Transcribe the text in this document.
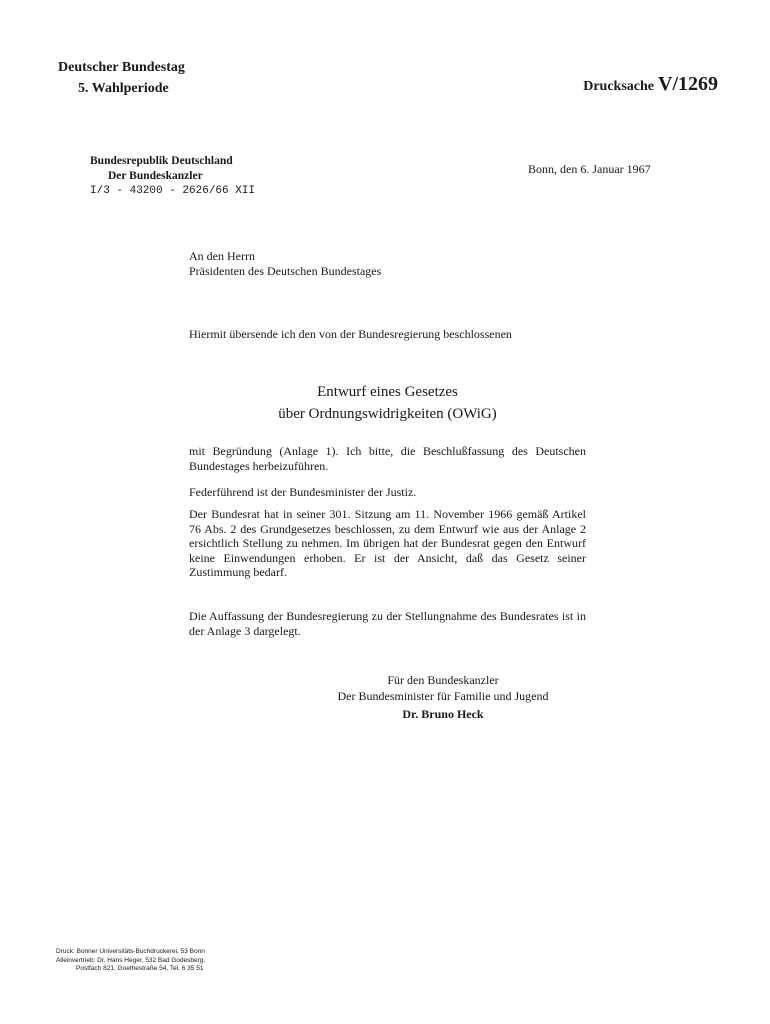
Deutscher Bundestag
5. Wahlperiode	Drucksache V/1269
Bundesrepublik Deutschland
Der Bundeskanzler
I/3 - 43200 - 2626/66 XII
Bonn, den 6. Januar 1967
An den Herrn
Präsidenten des Deutschen Bundestages
Hiermit übersende ich den von der Bundesregierung beschlossenen
Entwurf eines Gesetzes
über Ordnungswidrigkeiten (OWiG)
mit Begründung (Anlage 1). Ich bitte, die Beschlußfassung des Deutschen Bundestages herbeizuführen.
Federführend ist der Bundesminister der Justiz.
Der Bundesrat hat in seiner 301. Sitzung am 11. November 1966 gemäß Artikel 76 Abs. 2 des Grundgesetzes beschlossen, zu dem Entwurf wie aus der Anlage 2 ersichtlich Stellung zu nehmen. Im übrigen hat der Bundesrat gegen den Entwurf keine Einwendungen erhoben. Er ist der Ansicht, daß das Gesetz seiner Zustimmung bedarf.
Die Auffassung der Bundesregierung zu der Stellungnahme des Bundesrates ist in der Anlage 3 dargelegt.
Für den Bundeskanzler
Der Bundesminister für Familie und Jugend
Dr. Bruno Heck
Druck: Bonner Universitäts-Buchdruckerei, 53 Bonn
Alleinvertrieb: Dr. Hans Heger, 532 Bad Godesberg,
Postfach 821, Goethestraße 54, Tel. 6 35 51
